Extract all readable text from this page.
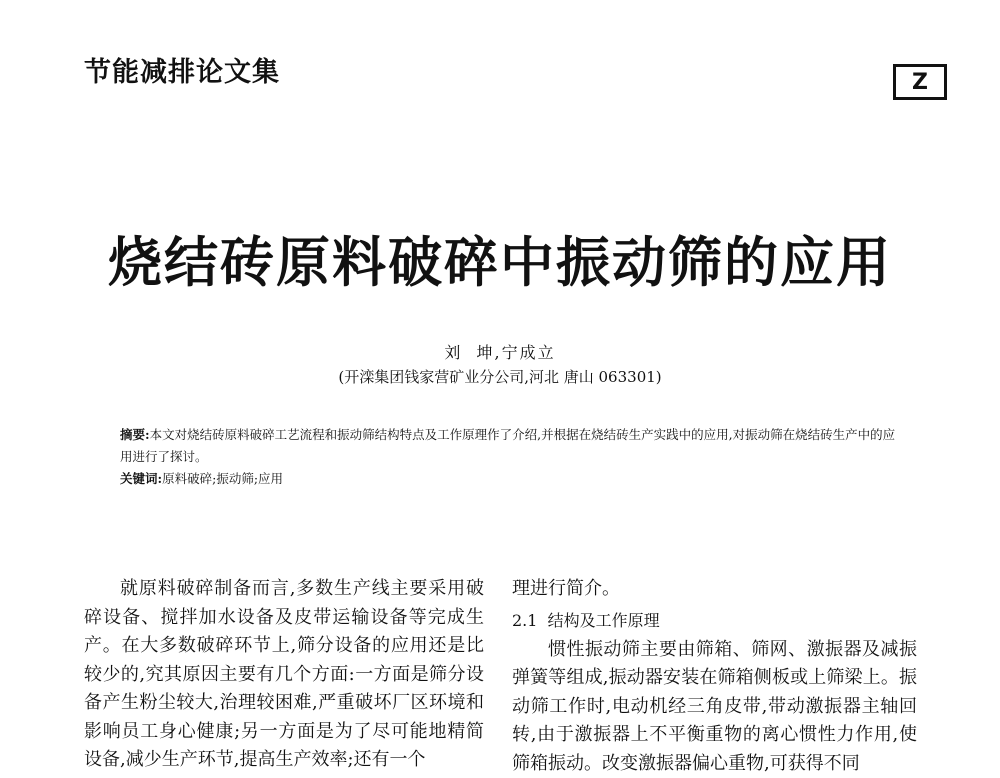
节能减排论文集	Z
烧结砖原料破碎中振动筛的应用
刘  坤,宁成立
(开滦集团钱家营矿业分公司,河北 唐山 063301)
摘要:本文对烧结砖原料破碎工艺流程和振动筛结构特点及工作原理作了介绍,并根据在烧结砖生产实践中的应用,对振动筛在烧结砖生产中的应用进行了探讨。
关键词:原料破碎;振动筛;应用

就原料破碎制备而言,多数生产线主要采用破碎设备、搅拌加水设备及皮带运输设备等完成生产。在大多数破碎环节上,筛分设备的应用还是比较少的,究其原因主要有几个方面:一方面是筛分设备产生粉尘较大,治理较困难,严重破坏厂区环境和影响员工身心健康;另一方面是为了尽可能地精简设备,减少生产环节,提高生产效率;还有一个

理进行简介。

2.1  结构及工作原理

惯性振动筛主要由筛箱、筛网、激振器及减振弹簧等组成,振动器安装在筛箱侧板或上筛梁上。振动筛工作时,电动机经三角皮带,带动激振器主轴回转,由于激振器上不平衡重物的离心惯性力作用,使筛箱振动。改变激振器偏心重物,可获得不同
